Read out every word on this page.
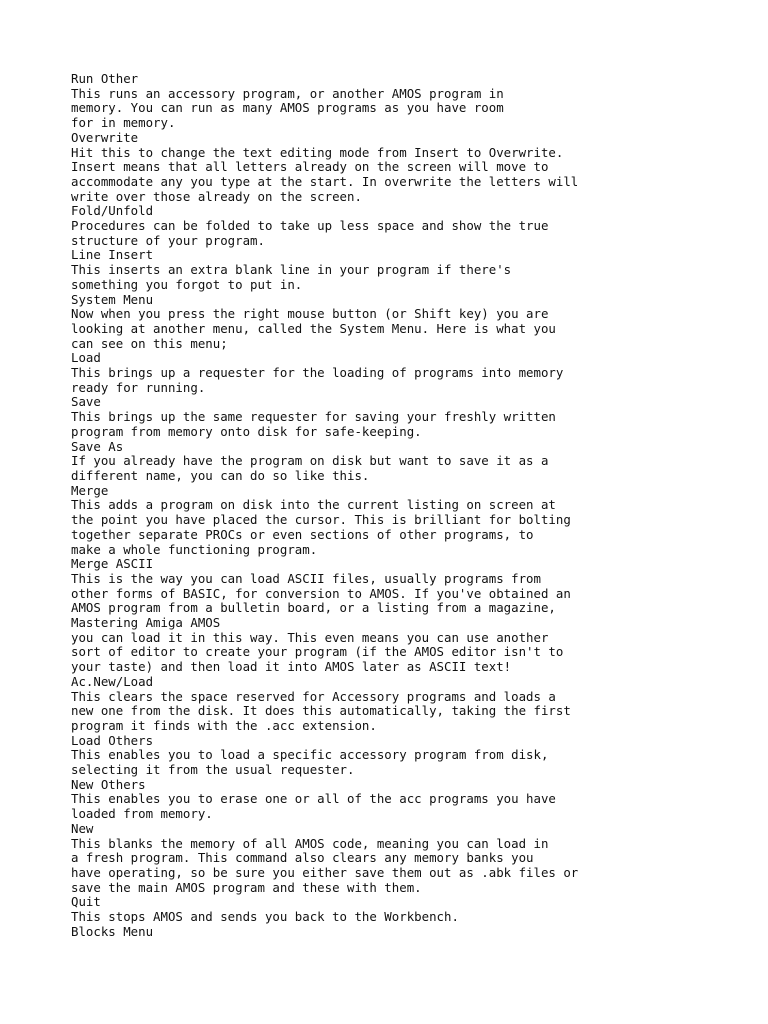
Run Other
This runs an accessory program, or another AMOS program in
memory. You can run as many AMOS programs as you have room
for in memory.
Overwrite
Hit this to change the text editing mode from Insert to Overwrite.
Insert means that all letters already on the screen will move to
accommodate any you type at the start. In overwrite the letters will
write over those already on the screen.
Fold/Unfold
Procedures can be folded to take up less space and show the true
structure of your program.
Line Insert
This inserts an extra blank line in your program if there's
something you forgot to put in.
System Menu
Now when you press the right mouse button (or Shift key) you are
looking at another menu, called the System Menu. Here is what you
can see on this menu;
Load
This brings up a requester for the loading of programs into memory
ready for running.
Save
This brings up the same requester for saving your freshly written
program from memory onto disk for safe-keeping.
Save As
If you already have the program on disk but want to save it as a
different name, you can do so like this.
Merge
This adds a program on disk into the current listing on screen at
the point you have placed the cursor. This is brilliant for bolting
together separate PROCs or even sections of other programs, to
make a whole functioning program.
Merge ASCII
This is the way you can load ASCII files, usually programs from
other forms of BASIC, for conversion to AMOS. If you've obtained an
AMOS program from a bulletin board, or a listing from a magazine,
Mastering Amiga AMOS
you can load it in this way. This even means you can use another
sort of editor to create your program (if the AMOS editor isn't to
your taste) and then load it into AMOS later as ASCII text!
Ac.New/Load
This clears the space reserved for Accessory programs and loads a
new one from the disk. It does this automatically, taking the first
program it finds with the .acc extension.
Load Others
This enables you to load a specific accessory program from disk,
selecting it from the usual requester.
New Others
This enables you to erase one or all of the acc programs you have
loaded from memory.
New
This blanks the memory of all AMOS code, meaning you can load in
a fresh program. This command also clears any memory banks you
have operating, so be sure you either save them out as .abk files or
save the main AMOS program and these with them.
Quit
This stops AMOS and sends you back to the Workbench.
Blocks Menu
